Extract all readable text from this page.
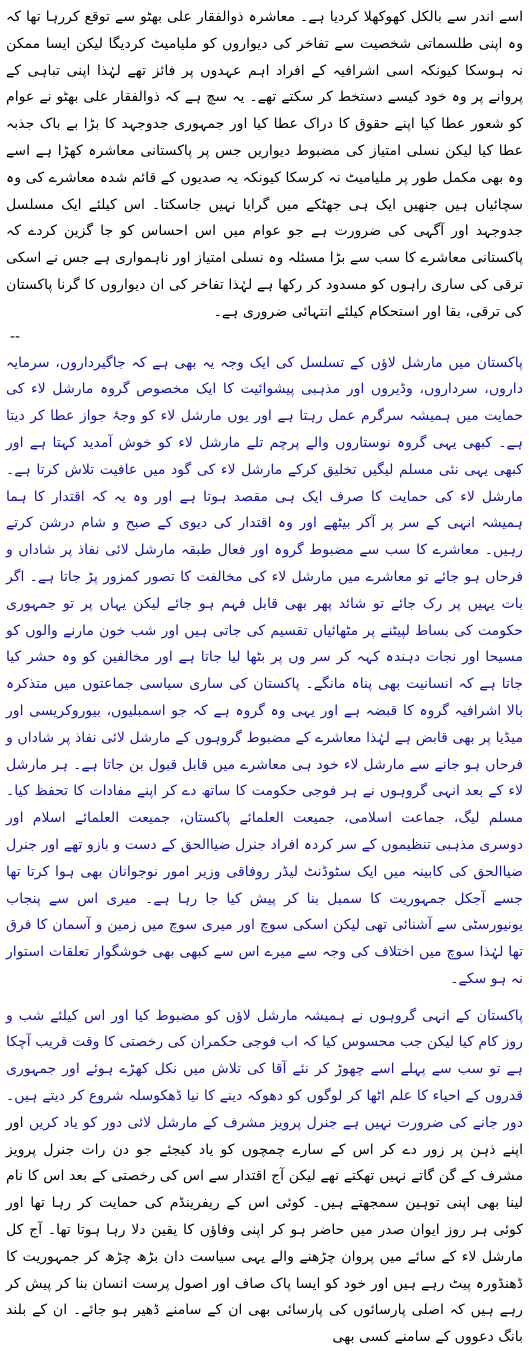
اسے اندر سے بالکل کھوکھلا کردیا ہے۔ معاشرہ ذوالفقار علی بھٹو سے توقع کررہا تھا کہ وہ اپنی طلسماتی شخصیت سے تفاخر کی دیواروں کو ملیامیٹ کردیگا لیکن ایسا ممکن نہ ہوسکا کیونکہ اسی اشرافیہ کے افراد اہم عہدوں پر فائز تھے لہٰذا اپنی تباہی کے پروانے پر وہ خود کیسے دستخط کر سکتے تھے۔ یہ سچ ہے کہ ذوالفقار علی بھٹو نے عوام کو شعور عطا کیا اپنے حقوق کا دراک عطا کیا اور جمہوری جدوجہد کا بڑا بے باک جذبہ عطا کیا لیکن نسلی امتیاز کی مضبوط دیواریں جس پر پاکستانی معاشرہ کھڑا ہے اسے وہ بھی مکمل طور پر ملیامیٹ نہ کرسکا کیونکہ یہ صدیوں کے قائم شدہ معاشرے کی وہ سچائیاں ہیں جنھیں ایک ہی جھٹکے میں گرایا نہیں جاسکتا۔ اس کیلئے ایک مسلسل جدوجہد اور آگہی کی ضرورت ہے جو عوام میں اس احساس کو جا گزین کردے کہ پاکستانی معاشرے کا سب سے بڑا مسئلہ وہ نسلی امتیاز اور ناہمواری ہے جس نے اسکی ترقی کی ساری راہوں کو مسدود کر رکھا ہے لہٰذا تفاخر کی ان دیواروں کا گرنا پاکستان کی ترقی، بقا اور استحکام کیلئے انتہائی ضروری ہے۔

--

پاکستان میں مارشل لاؤں کے تسلسل کی ایک وجہ یہ بھی ہے کہ جاگیرداروں، سرمایہ داروں، سرداروں، وڈیروں اور مذہبی پیشوائیت کا ایک مخصوص گروہ مارشل لاء کی حمایت میں ہمیشہ سرگرم عمل رہتا ہے اور یوں مارشل لاء کو وجۂ جواز عطا کر دیتا ہے۔ کبھی یہی گروہ نوستاروں والے پرچم تلے مارشل لاء کو خوش آمدید کہتا ہے اور کبھی یہی نئی مسلم لیگیں تخلیق کرکے مارشل لاء کی گود میں عافیت تلاش کرتا ہے۔ مارشل لاء کی حمایت کا صرف ایک ہی مقصد ہوتا ہے اور وہ یہ کہ اقتدار کا ہما ہمیشہ انہی کے سر پر آکر بیٹھے اور وہ اقتدار کی دیوی کے صبح و شام درشن کرتے رہیں۔ معاشرے کا سب سے مضبوط گروہ اور فعال طبقہ مارشل لائی نفاذ پر شاداں و فرحاں ہو جائے تو معاشرے میں مارشل لاء کی مخالفت کا تصور کمزور پڑ جاتا ہے۔ اگر بات یہیں پر رک جائے تو شائد پھر بھی قابل فہم ہو جائے لیکن یہاں پر تو جمہوری حکومت کی بساط لپیٹنے پر مٹھائیاں تقسیم کی جاتی ہیں اور شب خون مارنے والوں کو مسیحا اور نجات دہندہ کہہ کر سر وں پر بٹھا لیا جاتا ہے اور مخالفین کو وہ حشر کیا جاتا ہے کہ انسانیت بھی پناہ مانگے۔ پاکستان کی ساری سیاسی جماعتوں میں متذکرہ بالا اشرافیہ گروہ کا قبضہ ہے اور یہی وہ گروہ ہے کہ جو اسمبلیوں، بیوروکریسی اور میڈیا پر بھی قابض ہے لہٰذا معاشرے کے مضبوط گروہوں کے مارشل لائی نفاذ پر شاداں و فرحاں ہو جانے سے مارشل لاء خود ہی معاشرے میں قابل قبول بن جاتا ہے۔ ہر مارشل لاء کے بعد انہی گروہوں نے ہر فوجی حکومت کا ساتھ دے کر اپنے مفادات کا تحفظ کیا۔ مسلم لیگ، جماعت اسلامی، جمیعت العلمائے پاکستان، جمیعت العلمائے اسلام اور دوسری مذہبی تنظیموں کے سر کردہ افراد جنرل ضیاالحق کے دست و بازو تھے اور جنرل ضیاالحق کی کابینہ میں ایک سٹوڈنٹ لیڈر روفاقی وزیر امور نوجوانان بھی ہوا کرتا تھا جسے آجکل جمہوریت کا سمبل بنا کر پیش کیا جا رہا ہے۔ میری اس سے پنجاب یونیورسٹی سے آشنائی تھی لیکن اسکی سوچ اور میری سوچ میں زمین و آسمان کا فرق تھا لہٰذا سوچ میں اختلاف کی وجہ سے میرے اس سے کبھی بھی خوشگوار تعلقات استوار نہ ہو سکے۔

پاکستان کے انہی گروہوں نے ہمیشہ مارشل لاؤں کو مضبوط کیا اور اس کیلئے شب و روز کام کیا لیکن جب محسوس کیا کہ اب فوجی حکمران کی رخصتی کا وقت قریب آچکا ہے تو سب سے پہلے اسے چھوڑ کر نئے آقا کی تلاش میں نکل کھڑے ہوئے اور جمہوری قدروں کے احیاء کا علم اٹھا کر لوگوں کو دھوکہ دینے کا نیا ڈھکوسلہ شروع کر دیتے ہیں۔ دور جانے کی ضرورت نہیں ہے جنرل پرویز مشرف کے مارشل لائی دور کو یاد کریں اور اپنے ذہن پر زور دے کر اس کے سارے چمچوں کو یاد کیجئے جو دن رات جنرل پرویز مشرف کے گن گاتے نہیں تھکتے تھے لیکن آج اقتدار سے اس کی رخصتی کے بعد اس کا نام لینا بھی اپنی توہین سمجھتے ہیں۔ کوئی اس کے ریفرینڈم کی حمایت کر رہا تھا اور کوئی ہر روز ایوان صدر میں حاضر ہو کر اپنی وفاؤں کا یقین دلا رہا ہوتا تھا۔ آج کل مارشل لاء کے سائے میں پروان چڑھنے والے یہی سیاست دان بڑھ چڑھ کر جمہوریت کا ڈھنڈورہ پیٹ رہے ہیں اور خود کو ایسا پاک صاف اور اصول پرست انسان بنا کر پیش کر رہے ہیں کہ اصلی پارسائوں کی پارسائی بھی ان کے سامنے ڈھیر ہو جائے۔ ان کے بلند بانگ دعووں کے سامنے کسی بھی
